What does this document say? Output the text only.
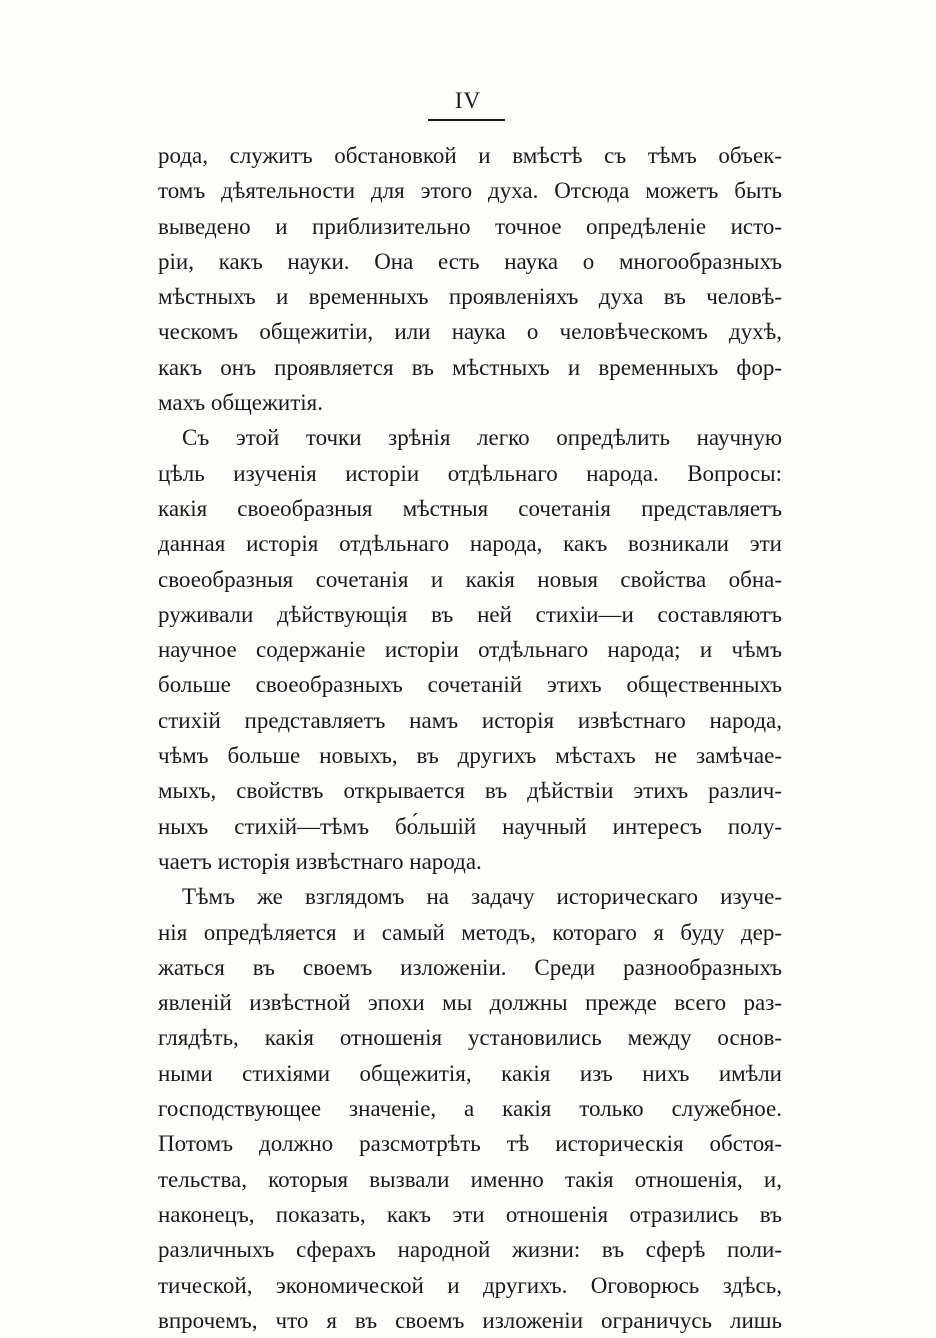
IV
рода, служитъ обстановкой и вмѣстѣ съ тѣмъ объек-
томъ дѣятельности для этого духа. Отсюда можетъ быть
выведено и приблизительно точное опредѣленіе исто-
ріи, какъ науки. Она есть наука о многообразныхъ
мѣстныхъ и временныхъ проявленіяхъ духа въ человѣ-
ческомъ общежитіи, или наука о человѣческомъ духѣ,
какъ онъ проявляется въ мѣстныхъ и временныхъ фор-
махъ общежитія.
Съ этой точки зрѣнія легко опредѣлить научную
цѣль изученія исторіи отдѣльнаго народа. Вопросы:
какія своеобразныя мѣстныя сочетанія представляетъ
данная исторія отдѣльнаго народа, какъ возникали эти
своеобразныя сочетанія и какія новыя свойства обна-
руживали дѣйствующія въ ней стихіи—и составляютъ
научное содержаніе исторіи отдѣльнаго народа; и чѣмъ
больше своеобразныхъ сочетаній этихъ общественныхъ
стихій представляетъ намъ исторія извѣстнаго народа,
чѣмъ больше новыхъ, въ другихъ мѣстахъ не замѣчае-
мыхъ, свойствъ открывается въ дѣйствіи этихъ различ-
ныхъ стихій—тѣмъ бо́льшій научный интересъ полу-
чаетъ исторія извѣстнаго народа.
Тѣмъ же взглядомъ на задачу историческаго изуче-
нія опредѣляется и самый методъ, котораго я буду дер-
жаться въ своемъ изложеніи. Среди разнообразныхъ
явленій извѣстной эпохи мы должны прежде всего раз-
глядѣть, какія отношенія установились между основ-
ными стихіями общежитія, какія изъ нихъ имѣли
господствующее значеніе, а какія только служебное.
Потомъ должно разсмотрѣть тѣ историческія обстоя-
тельства, которыя вызвали именно такія отношенія, и,
наконецъ, показать, какъ эти отношенія отразились въ
различныхъ сферахъ народной жизни: въ сферѣ поли-
тической, экономической и другихъ. Оговорюсь здѣсь,
впрочемъ, что я въ своемъ изложеніи ограничусь лишь
